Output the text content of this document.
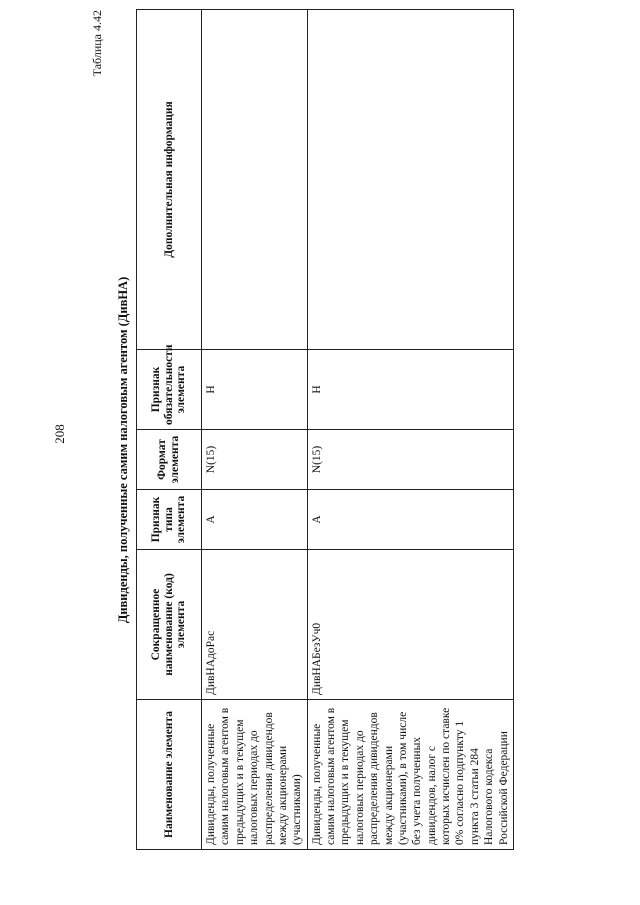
208
Таблица 4.42
Дивиденды, полученные самим налоговым агентом (ДивНА)
Наименование элемента	Сокращенное наименование (код) элемента	Признак типа элемента	Формат элемента	Признак обязательности элемента	Дополнительная информация
Дивиденды, полученные самим налоговым агентом в предыдущих и в текущем налоговых периодах до распределения дивидендов между акционерами (участниками)	ДивНАдоРас	А	N(15)	Н	
Дивиденды, полученные самим налоговым агентом в предыдущих и в текущем налоговых периодах до распределения дивидендов между акционерами (участниками), в том числе без учета полученных дивидендов, налог с которых исчислен по ставке 0% согласно подпункту 1 пункта 3 статьи 284 Налогового кодекса Российской Федерации	ДивНАБезУч0	А	N(15)	Н	
